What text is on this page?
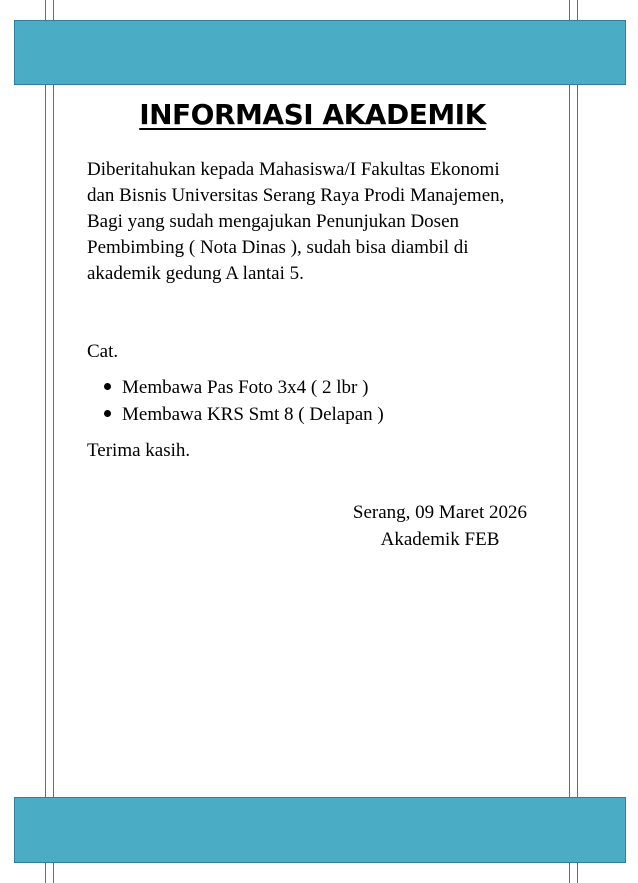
INFORMASI AKADEMIK
Diberitahukan kepada Mahasiswa/I Fakultas Ekonomi
dan Bisnis Universitas Serang Raya Prodi Manajemen,
Bagi yang sudah mengajukan Penunjukan Dosen
Pembimbing ( Nota Dinas ), sudah bisa diambil di
akademik gedung A lantai 5.
Cat.
Membawa Pas Foto 3x4 ( 2 lbr )
Membawa KRS Smt 8 ( Delapan )
Terima kasih.
Serang, 09 Maret 2026
Akademik FEB
